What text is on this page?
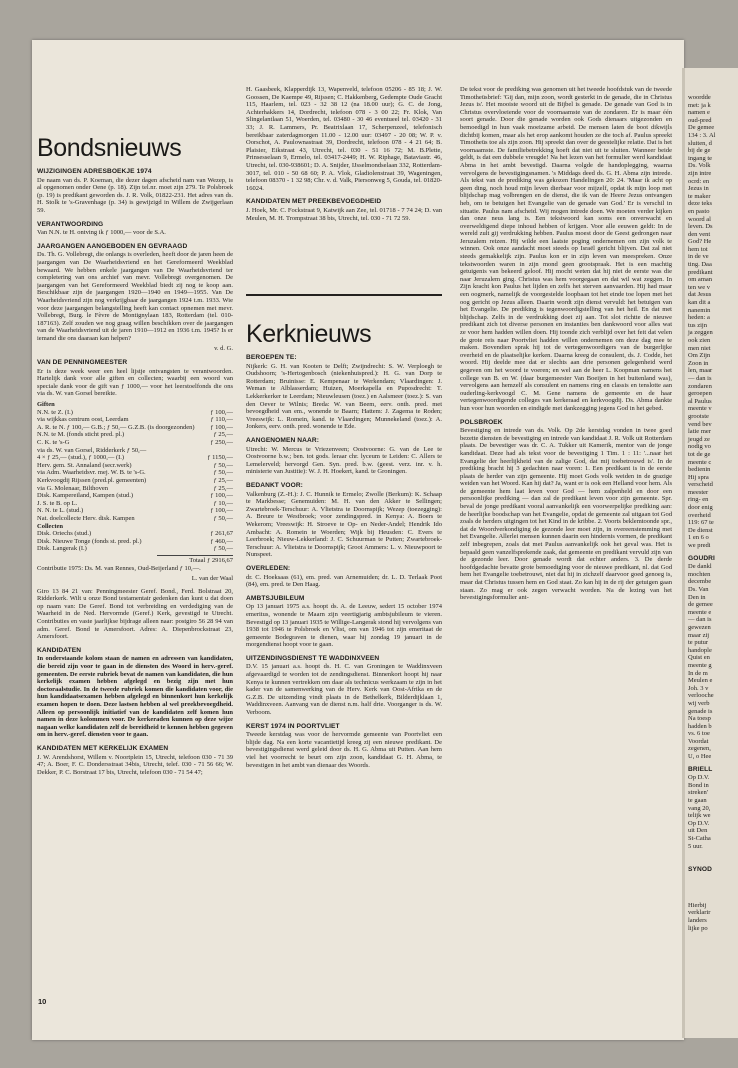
Bondsnieuws
WIJZIGINGEN ADRESBOEKJE 1974

De naam van ds. P. Koeman, die dezer dagen afscheid nam van Wezep, is al opgenomen onder Oene (p. 18). Zijn tel.nr. moet zijn 279. Te Polsbroek (p. 19) is predikant geworden ds. J. R. Volk, 01822-231. Het adres van ds. H. Stolk te 's-Gravenhage (p. 34) is gewijzigd in Willem de Zwijgerlaan 59.

VERANTWOORDING

Van N.N. te H. ontving ik ƒ 1000,— voor de S.A.

JAARGANGEN AANGEBODEN EN GEVRAAGD

Ds. Th. G. Vollebregt, die onlangs is overleden, heeft door de jaren heen de jaargangen van De Waarheidsvriend en het Gereformeerd Weekblad bewaard. We hebben enkele jaargangen van De Waarheidsvriend ter completering van ons archief van mevr. Vollebregt overgenomen. De jaargangen van het Gereformeerd Weekblad biedt zij nog te koop aan. Beschikbaar zijn de jaargangen 1920—1940 en 1949—1955. Van De Waarheidsvriend zijn nog verkrijgbaar de jaargangen 1924 t.m. 1933. Wie voor deze jaargangen belangstelling heeft kan contact opnemen met mevr. Vollebregt, Burg. le Fèvre de Montignylaan 183, Rotterdam (tel. 010-187163). Zelf zouden we nog graag willen beschikken over de jaargangen van de Waarheidsvriend uit de jaren 1910—1912 en 1936 t.m. 1945? Is er iemand die ons daaraan kan helpen?

v. d. G.
VAN DE PENNINGMEESTER

Er is deze week weer een heel lijstje ontvangsten te verantwoorden. Hartelijk dank voor alle giften en collecten; waarbij een woord van speciale dank voor de gift van ƒ 1000,— voor het leerstoelfonds die ons via ds. W. van Gorsel bereikte.

Giften
N.N. te Z. (I.)	ƒ 100,—
via wijkkas centrum oost, Leerdam	ƒ 110,—
A. R. te N. ƒ 100,— G.B.; ƒ 50,— G.Z.B. (is doorgezonden)	ƒ 100,—
N.N. te M. (fonds sticht pred. pl.)	ƒ 25,—
C. K. te 's-G	ƒ 250,—
via ds. W. van Gorsel, Ridderkerk ƒ 50,—
4 × ƒ 25,— (stud.), ƒ 1000,— (I.)	ƒ 1150,—
Herv. gem. St. Annaland (secr.werk)	ƒ 50,—
via Adm. Waarheidsvr. mej. W. B. te 's-G.	ƒ 50,—
Kerkvoogdij Rijssen (pred.pl. gemeenten)	ƒ 25,—
via G. Molenaar, Bilthoven	ƒ 25,—
Disk. Kampereiland, Kampen (stud.)	ƒ 100,—
J. S. te B. op L.	ƒ 10,—
N. N. te L. (stud.)	ƒ 100,—
Nat. doelcollecte Herv. disk. Kampen	ƒ 50,—
Collecten
Disk. Oriechs (stud.)	ƒ 261,67
Disk. Nieuwe Tonge (fonds st. pred. pl.)	ƒ 460,—
Disk. Langerak (I.)	ƒ 50,—
Totaal ƒ 2916,67

Contributie 1975: Ds. M. van Rennes, Oud-Beijerland ƒ 10,—.

L. van der Waal

Giro 13 84 21 van: Penningmeester Geref. Bond., Ferd. Bolstraat 20, Ridderkerk. Wilt u onze Bond testamentair gedenken dan kunt u dat doen op naam van: De Geref. Bond tot verbreiding en verdediging van de Waarheid in de Ned. Hervormde (Geref.) Kerk, gevestigd te Utrecht. Contributies en vaste jaarlijkse bijdrage alleen naar: postgiro 56 28 94 van adm. Geref. Bond te Amersfoort. Adres: A. Diepenbrockstraat 23, Amersfoort.

KANDIDATEN

In onderstaande kolom staan de namen en adressen van kandidaten, die bereid zijn voor te gaan in de diensten des Woord in herv.-geref. gemeenten. De eerste rubriek bevat de namen van kandidaten, die hun kerkelijk examen hebben afgelegd en bezig zijn met hun doctoraalstudie. In de tweede rubriek komen die kandidaten voor, die hun kandidaatsexamen hebben afgelegd en binnenkort hun kerkelijk examen hopen te doen. Deze lastsen hebben al wel preekbevoegdheid. Alleen op persoonlijk initiatief van de kandidaten zelf komen hun namen in deze kolommen voor. De kerkeraden kunnen op deze wijze nagaan welke kandidaten zelf de bereidheid te kennen hebben gegeven om in herv.-geref. diensten voor te gaan.

KANDIDATEN MET KERKELIJK EXAMEN

J. W. Arendshorst, Willem v. Noortplein 15, Utrecht, telefoon 030 - 71 39 47; A. Boer, F. C. Dondersstraat 34bis, Utrecht, telef. 030 - 71 56 66; W. Dekker, P. C. Borstraat 17 bis, Utrecht, telefoon 030 - 71 54 47;

H. Gaasbeek, Klapperdijk 13, Wapenveld, telefoon 05206 - 85 18; J. W. Goossen, De Kaempe 49, Rijssen; C. Hakkenberg, Gedempte Oude Gracht 115, Haarlem, tel. 023 - 32 38 12 (na 18.00 uur); G. C. de Jong, Achterhakkers 14, Dordrecht, telefoon 078 - 3 00 22; Fr. Klok, Van Slingelantlaan 51, Woerden, tel. 03480 - 30 46 eventueel tel. 03420 - 31 33; J. R. Lammers, Pr. Beatrixlaan 17, Scherpenzeel, telefonisch bereikbaar zaterdagmorgen 11.00 - 12.00 uur: 03497 - 20 08; W. P. v. Oorschot, A. Paulownastraat 39, Dordrecht, telefoon 078 - 4 21 64; B. Plaisier, Eikstraat 43, Utrecht, tel. 030 - 51 16 72; M. B.Plette, Prinsesselaan 9, Ermelo, tel. 03417-2449; H. W. Riphage, Bataviastr. 46, Utrecht, tel. 030-938601; D. A. Snijder, IJsselmondselaan 332, Rotterdam-3017, tel. 010 - 50 68 60; P. A. Vlok, Gladiolenstraat 39, Wageningen, telefoon 08370 - 1 32 98; Chr. v. d. Valk, Piersonweg 5, Gouda, tel. 01820-16024.

KANDIDATEN MET PREEKBEVOEGDHEID

J. Hoek, Mr. C. Fockstraat 9, Katwijk aan Zee, tel. 01718 - 7 74 24; D. van Meulen, M. H. Trompstraat 38 bis, Utrecht, tel. 030 - 71 72 59.

Kerknieuws
BEROEPEN TE:

Nijkerk: G. H. van Kooten te Delft; Zwijndrecht: S. W. Verploegh te Oudshoorn; 's-Hertogenbosch (niekenhuispred.): H. G. van Dorp te Rotterdam; Bruinisse: E. Kempenaar te Werkendam; Vlaardingen: J. Weman te Alblasserdam; Huizen, Moerkapella en Puposdrecht: T. Lekkerkerker te Leerdam; Nieuwleusen (toez.) en Aalsmeer (toez.): S. van den Oever te Wilnis; Breda: W. van Beem, eerv. onth. pred. met bevoegdheid van em., wonende te Baarn; Hattem: J. Zagema te Roden; Vreeswijk: L. Romein, kand. te Vlaardingen; Munnekeland (toez.): A. Jonkers, eerv. onth. pred. wonende te Ede.

AANGENOMEN NAAR:

Utrecht: W. Mercus te Vriezenveen; Oostvoorne: G. van de Lee te Oostvoorne b.w.; ben. tot gods. leraar chr. lyceum te Leiden: C. Allers te Lemelerveld; hervorgd Gen. Syn. pred. b.w. (geest. verz. inr. v. h. ministerie van Justitie): W. J. H. Hoekert, kand. te Groningen.

BEDANKT VOOR:

Valkenburg (Z.-H.): J. C. Hunnik te Ermelo; Zwolle (Berkum): K. Schaap te Markbesse; Genemuiden: M. H. van den Akker te Sellingen; Zwartebroek-Terschuur: A. Vlietstra te Doornspijk; Wezep (toezegging): A. Breure te Westbroek; voor zendingspred. in Kenya: A. Boers te Wekerom; Vreeswijk: H. Stroeve te Op- en Neder-Andel; Hendrik Ido Ambacht: A. Romein te Woerden; Wijk bij Heusden: C. Evers te Leerbroek; Nieuw-Lekkerland: J. C. Schuurman te Putten; Zwartebroek-Terschuur: A. Vlietstra te Doornspijk; Groot Ammers: L. v. Nieuwpoort te Nunspeet.

OVERLEDEN:

dr. C. Hoeksaas (61), em. pred. van Arnemuiden; dr. L. D. Terlaak Poot (84), em. pred. te Den Haag.

AMBTSJUBILEUM

Op 13 januari 1975 a.s. hoopt ds. A. de Leeuw, sedert 15 october 1974 emeritus, wonende te Maarn zijn veertigjarig ambtsjubileum te vieren. Bevestigd op 13 januari 1935 te Willige-Langerak stond hij vervolgens van 1938 tot 1946 te Polsbroek en Vlist, om van 1946 tot zijn emeritaat de gemeente Bodegraven te dienen, waar hij zondag 19 januari in de morgendienst hoopt voor te gaan.

UITZENDINGSDIENST TE WADDINXVEEN

D.V. 15 januari a.s. hoopt ds. H. C. van Groningen te Waddinxveen afgevaardigd te worden tot de zendingsdienst. Binnenkort hoopt hij naar Kenya te kunnen vertrekken om daar als technicus werkzaam te zijn in het kader van de samenwerking van de Herv. Kerk van Oost-Afrika en de G.Z.B. De uitzending vindt plaats in de Bethelkerk, Bilderdijklaan 1, Waddinxveen. Aanvang van de dienst n.m. half drie. Voorganger is ds. W. Verboom.

KERST 1974 IN POORTVLIET

Tweede kerstdag was voor de hervormde gemeente van Poortvliet een blijde dag. Na een korte vacantietijd kreeg zij een nieuwe predikant. De bevestigingsdienst werd geleid door ds. H. G. Abma uit Putten. Aan hem viel het voorrecht te beurt om zijn zoon, kandidaat G. H. Abma, te bevestigen in het ambt van dienaar des Woords.

De tekst voor de prediking was genomen uit het tweede hoofdstuk van de tweede Timotheüsbrief: 'Gij dan, mijn zoon, wordt gesterkt in de genade, die in Christus Jezus is'. Het mooiste woord uit de Bijbel is genade. De genade van God is in Christus overvloeiende voor de voornaamste van de zondaren. Er is maar één soort genade. Door die genade worden ook Gods dienaars uitgezonden en bemoedigd in hun vaak moeizame arbeid. De mensen laten de boot dikwijls dichtbij komen, maar als het erop aankomt houden ze die toch af. Paulus spreekt Timotheüs toe als zijn zoon. Hij spreekt dan over de geestelijke relatie. Dat is het voornaamste. De familiebetrekking hoeft dat niet uit te sluiten. Wanneer beide geldt, is dat een dubbele vreugde! Na het lezen van het formulier werd kandidaat Abma in het ambt bevestigd. Daarna volgde de handoplegging, waarna vervolgens de bevestigingsnamen. 's Middags deed ds. G. H. Abma zijn intrede. Als tekst van de prediking was gekozen Handelingen 20: 24. 'Maar ik acht op geen ding, noch houd mijn leven dierbaar voor mijzelf, opdat ik mijn loop met blijdschap mag volbrengen en de dienst, die ik van de Heere Jezus ontvangen heb, om te betuigen het Evangelie van de genade van God.' Er is verschil in situatie. Paulus nam afscheid. Wij mogen intrede doen. We moeten verder kijken dan onze neus lang is. Een tekstwoord kan soms een onverwacht en overweldigend diepe inhoud hebben of krijgen. Voor alle eeuwen geldt: In de wereld zult gij verdrukking hebben. Paulus moest door de Geest gedrongen naar Jeruzalem reizen. Hij wilde een laatste poging ondernemen om zijn volk te winnen. Ook onze aandacht moet steeds op Israël gericht blijven. Dat zal niet steeds gemakkelijk zijn. Paulus kon er in zijn leven van meespreken. Onze tekstwoorden waren in zijn mond geen grootspraak. Het is een machtig getuigenis van bekeerd geloof. Hij mocht weten dat hij niet de eerste was die naar Jeruzalem ging. Christus was hem voorgegaan en dat wil wat zeggen. In Zijn kracht kon Paulus het lijden en zelfs het sterven aanvaarden. Hij had maar een oogmerk, namelijk de voorgestelde loopbaan tot het einde toe lopen met het oog gericht op Jezus alleen. Daarin wordt zijn dienst vervuld: het betuigen van het Evangelie. De prediking is tegenwoordigstelling van het heil. En dat met blijdschap. Zelfs in de verdrukking doet zij aan. Tot slot richtte de nieuwe predikant zich tot diverse personen en instanties ben dankwoord voor alles wat ze voor hem hadden willen doen. Hij toonde zich verblijd over het feit dat velen de grote reis naar Poortvliet hadden willen ondernemen om deze dag mee te maken. Bovendien sprak hij tot de vertegenwoordigers van de burgerlijke overheid en de plaatselijke kerken. Daarna kreeg de consulent, ds. J. Codde, het woord. Hij deelde mee dat er slechts aan drie personen gelegenheid werd gegeven om het woord te voeren; en wel aan de heer L. Koopman namens het college van B. en W. (daar burgemeester Van Boeijen in het buitenland was), vervolgens aan hemzelf als consulent en namens ring en classis en tenslotte aan ouderling-kerkvoogd C. M. Gene namens de gemeente en de haar vertegenwoordigende colleges van kerkeraad en kerkvoogdij. Ds. Abma dankte hun voor hun woorden en eindigde met dankzegging jegens God in het gebed.

POLSBROEK

Bevestiging en intrede van ds. Volk. Op 2de kerstdag vonden in twee goed bezette diensten de bevestiging en intrede van kandidaat J. R. Volk uit Rotterdam plaats. De bevestiger was dr. C. A. Tukker uit Kamerik, mentor van de jonge kandidaat. Deze had als tekst voor de bevestiging 1 Tim. 1 : 11: '...naar het Evangelie der heerlijkheid van de zalige God, dat mij toebetrouwd is'. In de prediking bracht hij 3 gedachten naar voren: 1. Een predikant is in de eerste plaats de herder van zijn gemeente. Hij moet Gods volk weiden in de grazige weiden van het Woord. Kan hij dat? Ja, want er is ook een Helland voor hem. Als de gemeente hem laat leven voor God — hem zalpenheld en door een persoonlijke prediking — dan zal de predikant leven voor zijn gemeente. Spr. beval de jonge predikant vooral aanvankelijk een voorwerpelijke prediking aan: de heerlijke boodschap van het Evangelie, opdat de gemeente zal uitgaan tot God zoals de herders uitgingen tot het Kind in de kribbe. 2. Voorts beklemtoonde spr., dat de Woordverkondiging de gezonde leer moet zijn, in overeenstemming met het Evangelie. Allerlei mensen kunnen daarin een hindernis vormen, de predikant zelf inbegrepen, zoals dat met Paulus aanvankelijk ook het geval was. Het is bepaald geen vanzelfsprekende zaak, dat gemeente en predikant vervuld zijn van de gezonde leer. Door genade wordt dat echter anders. 3. De derde hoofdgedachte bevatte grote bemoediging voor de nieuwe predikant, nl. dat God hem het Evangelie toebetrouwt, niet dat hij in zichzelf daarvoor goed genoeg is, maar dat Christus tussen hem en God staat. Zo kan hij in de rij der getuigen gaan staan. Zo mag er ook zegen verwacht worden. Na de lezing van het bevestigingsformulier ant-

10

woordde

met: ja k

namen e

oud-pred

De gemee

134 : 3. Al

sluiten, d

bij de ge

ingang te

Ds. Volk

zijn intre

ocrd: en

Jezus in

te maker

deze teks

en pasto

woord al

leven. Ds

den vent

God? He

hem tot

in de ve

ting. Daa

predikant

om aman

ten we v

dat Jesus

kan dit a

nanemin

heden: a

tus zijn

ja zeggen

ook zien

men niet

Om Zijn

Zoon in

len, maar

— dan is

zondaren

geroepen

al Paulus

meente v

grootste

vend bev

latie mer

jeugd ze

nodig vo

tot de ge

meente c

bedienin

Hij spra

verscheid

meester

ring- en

door enig

overheid

119: 67 te

De dienst

1 en 6 o

we predi

GOUDRI

De dankl

mochten

decembe

Ds. Van

Den in

de gemee

meente e

— dan is

gewezen

maar zij

te putur

handople

Quist en

meente g

In de m

Meulen e

Joh. 3 v

verlooche

wij verb

genade is

Na toesp

hadden b

vs. 6 toe

Voordat

zegenen,

U, o Hee

BRIELL

Op D.V.

Bond in

streken'

te gaan

vang 20,

telijk we

Op D.V.

uit Den

St-Catha

5 uur.

SYNOD

Hierbij

verklarir

landers

lijke po
